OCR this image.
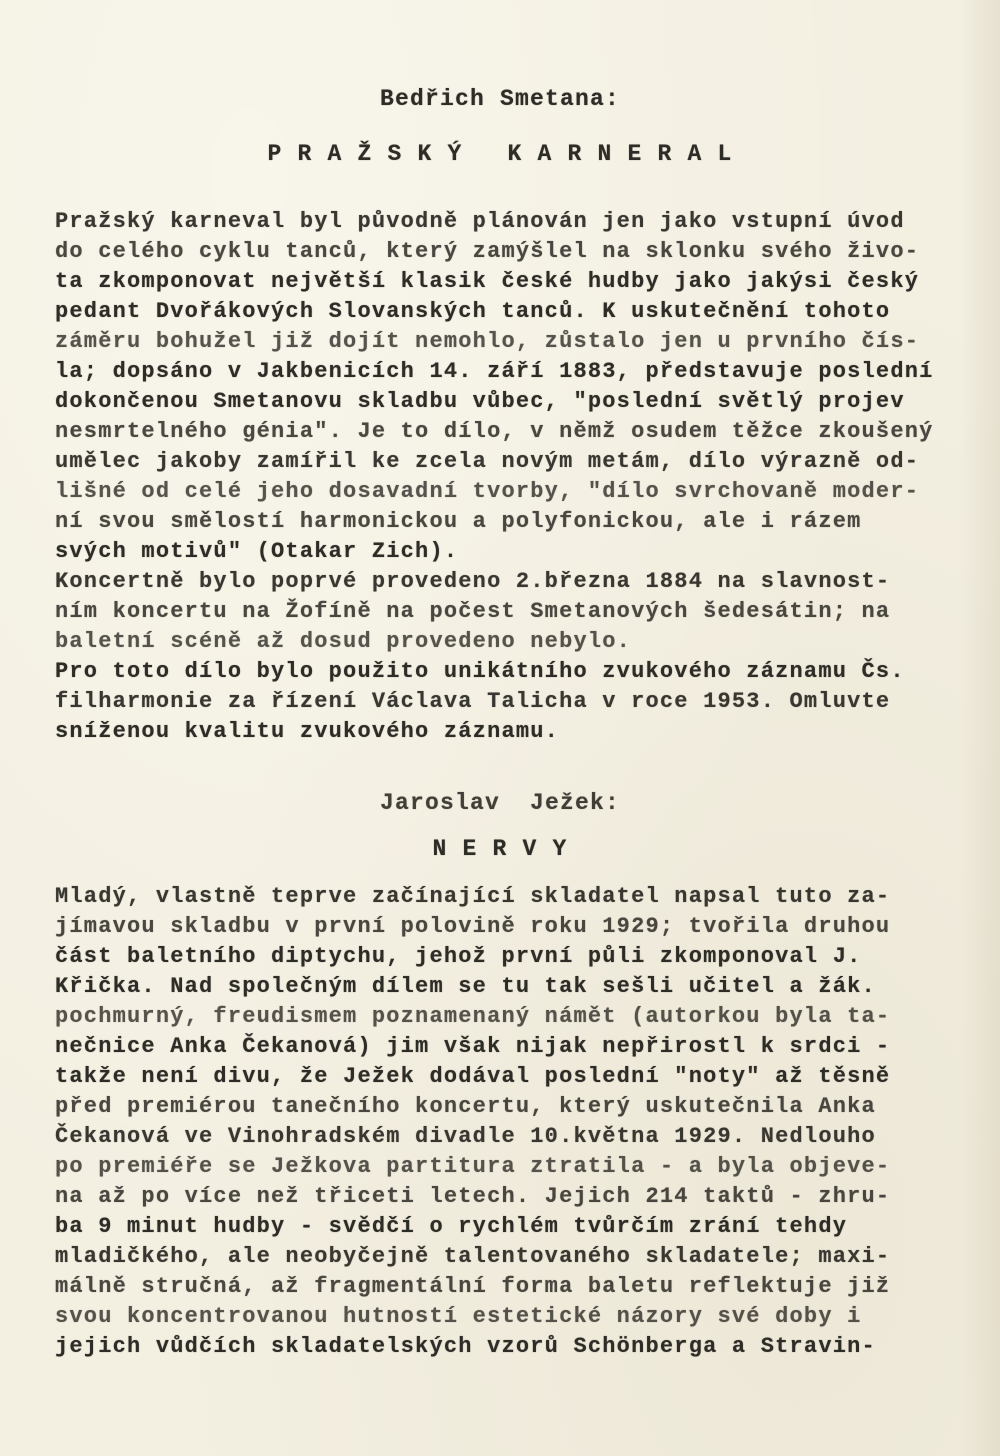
Bedřich Smetana:
P R A Ž S K Ý   K A R N E R A L
Pražský karneval byl původně plánován jen jako vstupní úvod
do celého cyklu tanců, který zamýšlel na sklonku svého živo-
ta zkomponovat největší klasik české hudby jako jakýsi český
pedant Dvořákových Slovanských tanců. K uskutečnění tohoto
záměru bohužel již dojít nemohlo, zůstalo jen u prvního čís-
la; dopsáno v Jakbenicích 14. září 1883, představuje poslední
dokončenou Smetanovu skladbu vůbec, "poslední světlý projev
nesmrtelného génia". Je to dílo, v němž osudem těžce zkoušený
umělec jakoby zamířil ke zcela novým metám, dílo výrazně od-
lišné od celé jeho dosavadní tvorby, "dílo svrchovaně moder-
ní svou smělostí harmonickou a polyfonickou, ale i rázem
svých motivů" (Otakar Zich).
Koncertně bylo poprvé provedeno 2.března 1884 na slavnost-
ním koncertu na Žofíně na počest Smetanových šedesátin; na
baletní scéně až dosud provedeno nebylo.
Pro toto dílo bylo použito unikátního zvukového záznamu Čs.
filharmonie za řízení Václava Talicha v roce 1953. Omluvte
sníženou kvalitu zvukového záznamu.
Jaroslav  Ježek:
N E R V Y
Mladý, vlastně teprve začínající skladatel napsal tuto za-
jímavou skladbu v první polovině roku 1929; tvořila druhou
část baletního diptychu, jehož první půli zkomponoval J.
Křička. Nad společným dílem se tu tak sešli učitel a žák.
pochmurný, freudismem poznamenaný námět (autorkou byla ta-
nečnice Anka Čekanová) jim však nijak nepřirostl k srdci -
takže není divu, že Ježek dodával poslední "noty" až těsně
před premiérou tanečního koncertu, který uskutečnila Anka
Čekanová ve Vinohradském divadle 10.května 1929. Nedlouho
po premiéře se Ježkova partitura ztratila - a byla objeve-
na až po více než třiceti letech. Jejich 214 taktů - zhru-
ba 9 minut hudby - svědčí o rychlém tvůrčím zrání tehdy
mladičkého, ale neobyčejně talentovaného skladatele; maxi-
málně stručná, až fragmentální forma baletu reflektuje již
svou koncentrovanou hutností estetické názory své doby i
jejich vůdčích skladatelských vzorů Schönberga a Stravin-
